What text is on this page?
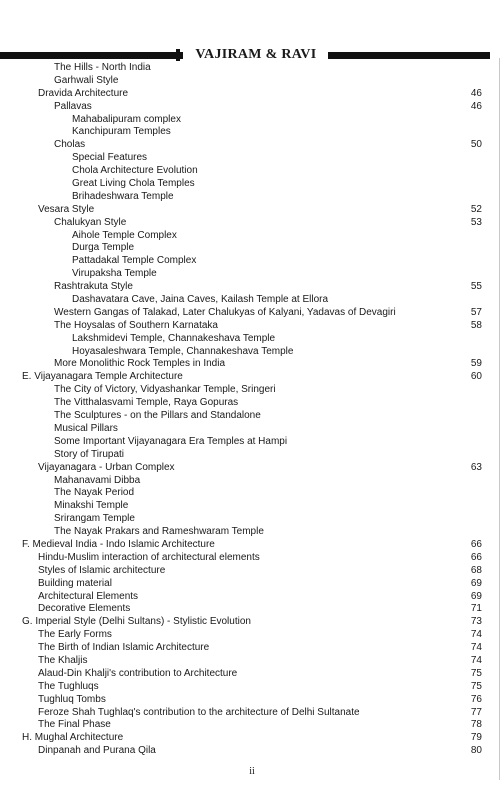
VAJIRAM & RAVI
The Hills - North India
Garhwali Style
Dravida Architecture	46
Pallavas	46
Mahabalipuram complex
Kanchipuram Temples
Cholas	50
Special Features
Chola Architecture Evolution
Great Living Chola Temples
Brihadeshwara Temple
Vesara Style	52
Chalukyan Style	53
Aihole Temple Complex
Durga Temple
Pattadakal Temple Complex
Virupaksha Temple
Rashtrakuta Style	55
Dashavatara Cave, Jaina Caves, Kailash Temple at Ellora
Western Gangas of Talakad, Later Chalukyas of Kalyani, Yadavas of Devagiri	57
The Hoysalas of Southern Karnataka	58
Lakshmidevi Temple, Channakeshava Temple
Hoyasaleshwara Temple, Channakeshava Temple
More Monolithic Rock Temples in India	59
E. Vijayanagara Temple Architecture	60
The City of Victory, Vidyashankar Temple, Sringeri
The Vitthalasvami Temple, Raya Gopuras
The Sculptures - on the Pillars and Standalone
Musical Pillars
Some Important Vijayanagara Era Temples at Hampi
Story of Tirupati
Vijayanagara - Urban Complex	63
Mahanavami Dibba
The Nayak Period
Minakshi Temple
Srirangam Temple
The Nayak Prakars and Rameshwaram Temple
F. Medieval India - Indo Islamic Architecture	66
Hindu-Muslim interaction of architectural elements	66
Styles of Islamic architecture	68
Building material	69
Architectural Elements	69
Decorative Elements	71
G. Imperial Style (Delhi Sultans) - Stylistic Evolution	73
The Early Forms	74
The Birth of Indian Islamic Architecture	74
The Khaljis	74
Alaud-Din Khalji's contribution to Architecture	75
The Tughluqs	75
Tughluq Tombs	76
Feroze Shah Tughlaq's contribution to the architecture of Delhi Sultanate	77
The Final Phase	78
H. Mughal Architecture	79
Dinpanah and Purana Qila	80
ii
